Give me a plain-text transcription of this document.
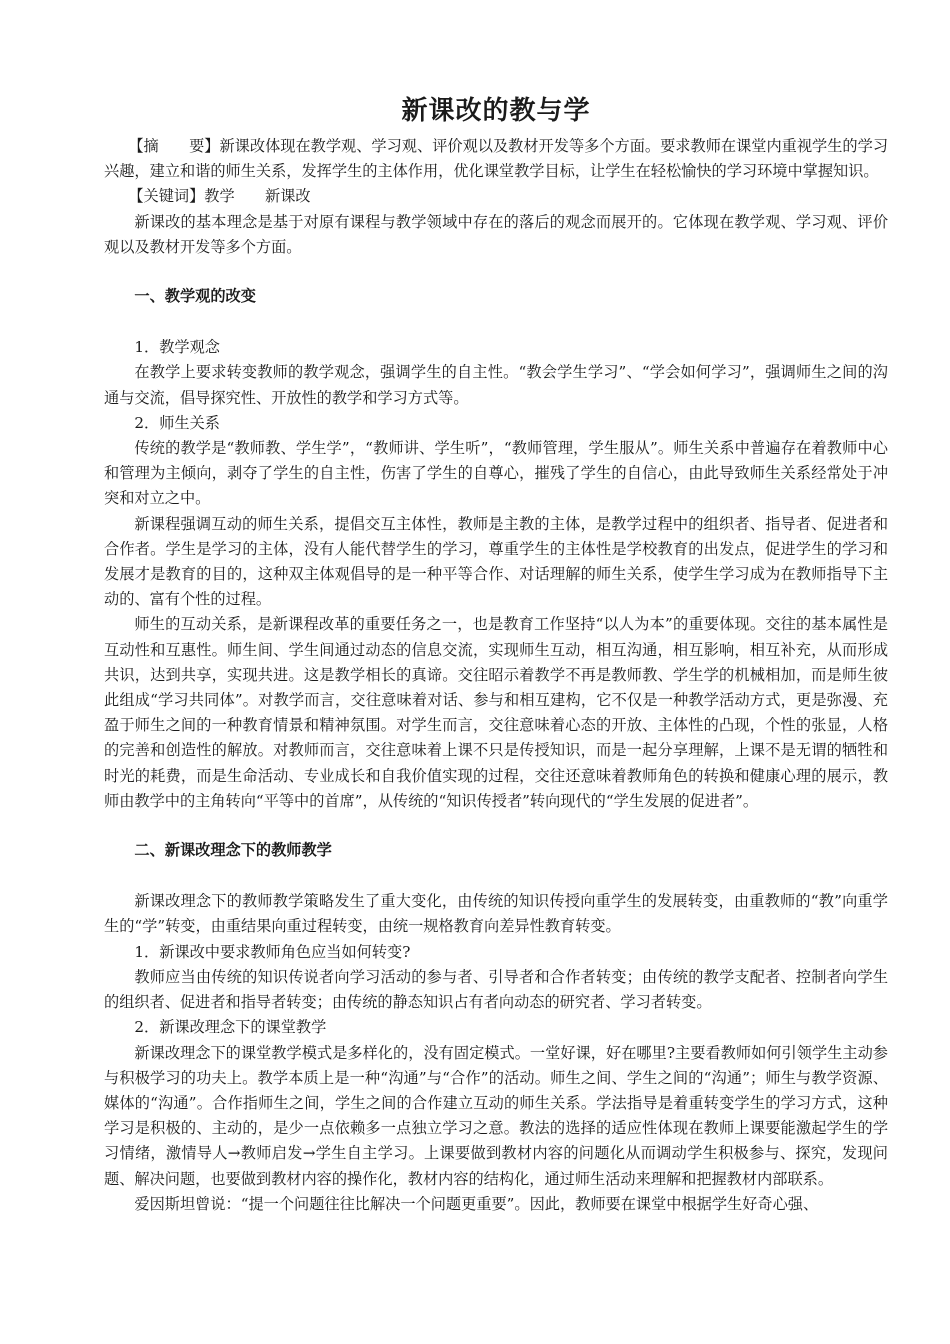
新课改的教与学

【摘　　要】新课改体现在教学观、学习观、评价观以及教材开发等多个方面。要求教师在课堂内重视学生的学习兴趣，建立和谐的师生关系，发挥学生的主体作用，优化课堂教学目标，让学生在轻松愉快的学习环境中掌握知识。

【关键词】教学 新课改

新课改的基本理念是基于对原有课程与教学领域中存在的落后的观念而展开的。它体现在教学观、学习观、评价观以及教材开发等多个方面。

一、教学观的改变

1．教学观念

在教学上要求转变教师的教学观念，强调学生的自主性。“教会学生学习”、“学会如何学习”，强调师生之间的沟通与交流，倡导探究性、开放性的教学和学习方式等。

2．师生关系

传统的教学是“教师教、学生学”，“教师讲、学生听”，“教师管理，学生服从”。师生关系中普遍存在着教师中心和管理为主倾向，剥夺了学生的自主性，伤害了学生的自尊心，摧残了学生的自信心，由此导致师生关系经常处于冲突和对立之中。

新课程强调互动的师生关系，提倡交互主体性，教师是主教的主体，是教学过程中的组织者、指导者、促进者和合作者。学生是学习的主体，没有人能代替学生的学习，尊重学生的主体性是学校教育的出发点，促进学生的学习和发展才是教育的目的，这种双主体观倡导的是一种平等合作、对话理解的师生关系，使学生学习成为在教师指导下主动的、富有个性的过程。

师生的互动关系，是新课程改革的重要任务之一，也是教育工作坚持“以人为本”的重要体现。交往的基本属性是互动性和互惠性。师生间、学生间通过动态的信息交流，实现师生互动，相互沟通，相互影响，相互补充，从而形成共识，达到共享，实现共进。这是教学相长的真谛。交往昭示着教学不再是教师教、学生学的机械相加，而是师生彼此组成“学习共同体”。对教学而言，交往意味着对话、参与和相互建构，它不仅是一种教学活动方式，更是弥漫、充盈于师生之间的一种教育情景和精神氛围。对学生而言，交往意味着心态的开放、主体性的凸现，个性的张显，人格的完善和创造性的解放。对教师而言，交往意味着上课不只是传授知识，而是一起分享理解，上课不是无谓的牺牲和时光的耗费，而是生命活动、专业成长和自我价值实现的过程，交往还意味着教师角色的转换和健康心理的展示，教师由教学中的主角转向“平等中的首席”，从传统的“知识传授者”转向现代的“学生发展的促进者”。

二、新课改理念下的教师教学

新课改理念下的教师教学策略发生了重大变化，由传统的知识传授向重学生的发展转变，由重教师的“教”向重学生的“学”转变，由重结果向重过程转变，由统一规格教育向差异性教育转变。

1．新课改中要求教师角色应当如何转变?

教师应当由传统的知识传说者向学习活动的参与者、引导者和合作者转变；由传统的教学支配者、控制者向学生的组织者、促进者和指导者转变；由传统的静态知识占有者向动态的研究者、学习者转变。

2．新课改理念下的课堂教学

新课改理念下的课堂教学模式是多样化的，没有固定模式。一堂好课，好在哪里?主要看教师如何引领学生主动参与积极学习的功夫上。教学本质上是一种“沟通”与“合作”的活动。师生之间、学生之间的“沟通”；师生与教学资源、媒体的“沟通”。合作指师生之间，学生之间的合作建立互动的师生关系。学法指导是着重转变学生的学习方式，这种学习是积极的、主动的，是少一点依赖多一点独立学习之意。教法的选择的适应性体现在教师上课要能激起学生的学习情绪，激情导人→教师启发→学生自主学习。上课要做到教材内容的问题化从而调动学生积极参与、探究，发现问题、解决问题，也要做到教材内容的操作化，教材内容的结构化，通过师生活动来理解和把握教材内部联系。

爱因斯坦曾说：“提一个问题往往比解决一个问题更重要”。因此，教师要在课堂中根据学生好奇心强、
